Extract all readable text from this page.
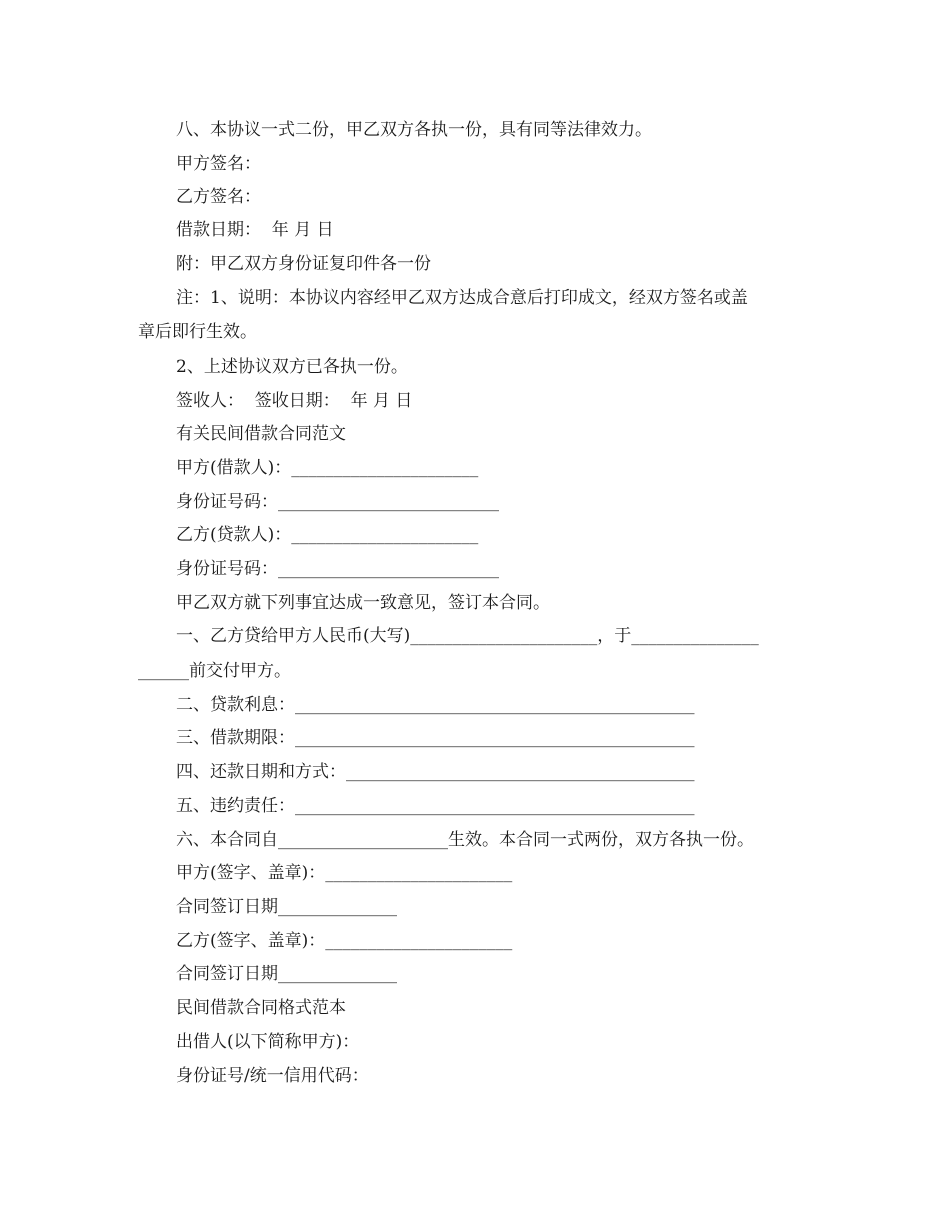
八、本协议一式二份，甲乙双方各执一份，具有同等法律效力。
甲方签名：
乙方签名：
借款日期：  年 月 日
附：甲乙双方身份证复印件各一份
注：1、说明：本协议内容经甲乙双方达成合意后打印成文，经双方签名或盖
章后即行生效。
2、上述协议双方已各执一份。
签收人：  签收日期：  年 月 日
有关民间借款合同范文
甲方(借款人)：______________________
身份证号码：__________________________
乙方(贷款人)：______________________
身份证号码：__________________________
甲乙双方就下列事宜达成一致意见，签订本合同。
一、乙方贷给甲方人民币(大写)______________________，于_______________
______前交付甲方。
二、贷款利息：_______________________________________________
三、借款期限：_______________________________________________
四、还款日期和方式：_________________________________________
五、违约责任：_______________________________________________
六、本合同自____________________生效。本合同一式两份，双方各执一份。
甲方(签字、盖章)：______________________
合同签订日期______________
乙方(签字、盖章)：______________________
合同签订日期______________
民间借款合同格式范本
出借人(以下简称甲方)：
身份证号/统一信用代码：
